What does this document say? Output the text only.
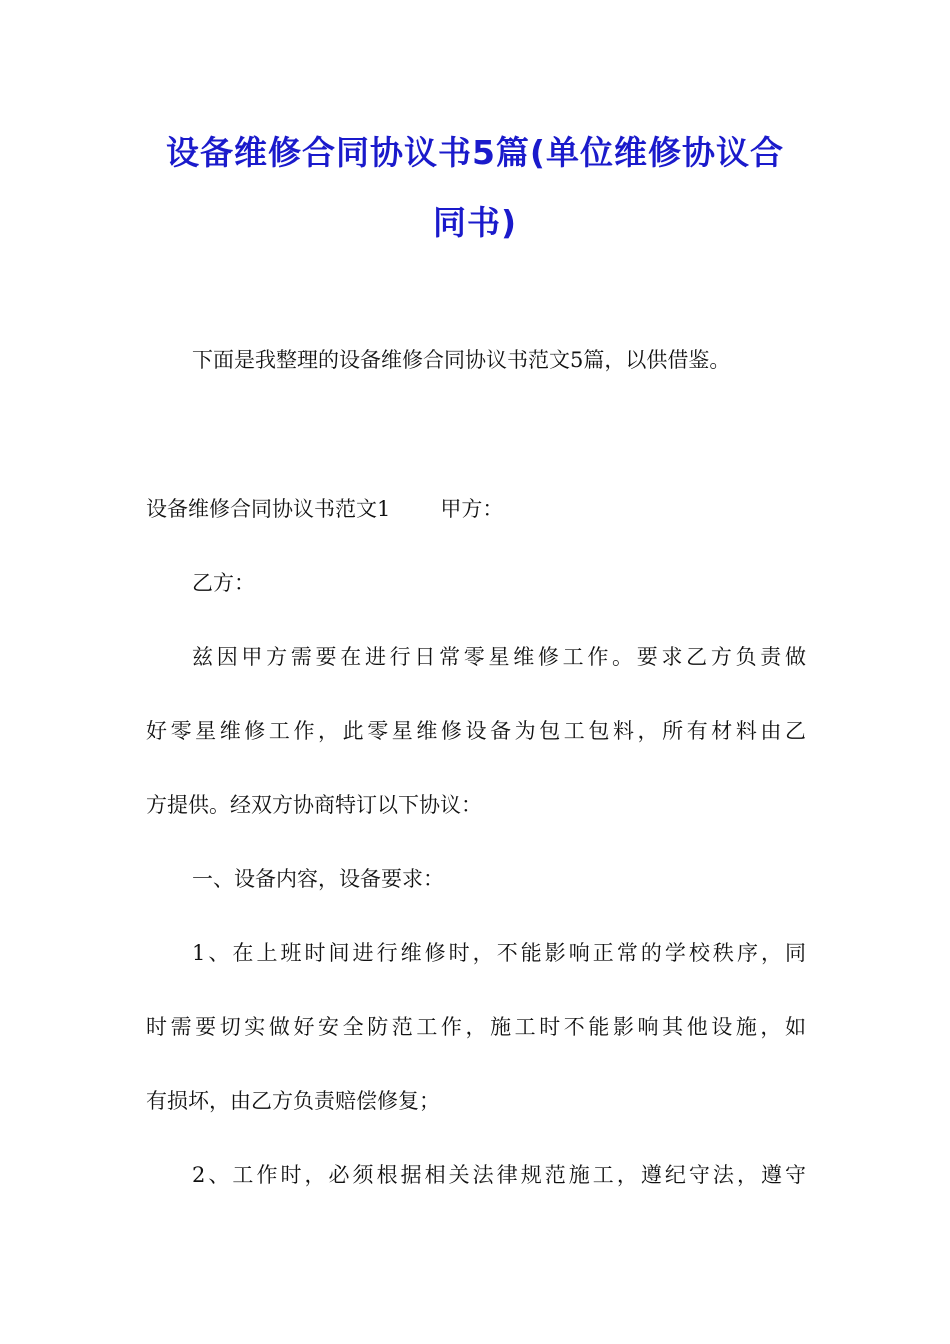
设备维修合同协议书5篇(单位维修协议合
同书)
下面是我整理的设备维修合同协议书范文5篇，以供借鉴。
设备维修合同协议书范文1 甲方：
乙方：
兹因甲方需要在进行日常零星维修工作。要求乙方负责做
好零星维修工作，此零星维修设备为包工包料，所有材料由乙
方提供。经双方协商特订以下协议：
一、设备内容，设备要求：
1、在上班时间进行维修时，不能影响正常的学校秩序，同
时需要切实做好安全防范工作，施工时不能影响其他设施，如
有损坏，由乙方负责赔偿修复；
2、工作时，必须根据相关法律规范施工，遵纪守法，遵守
